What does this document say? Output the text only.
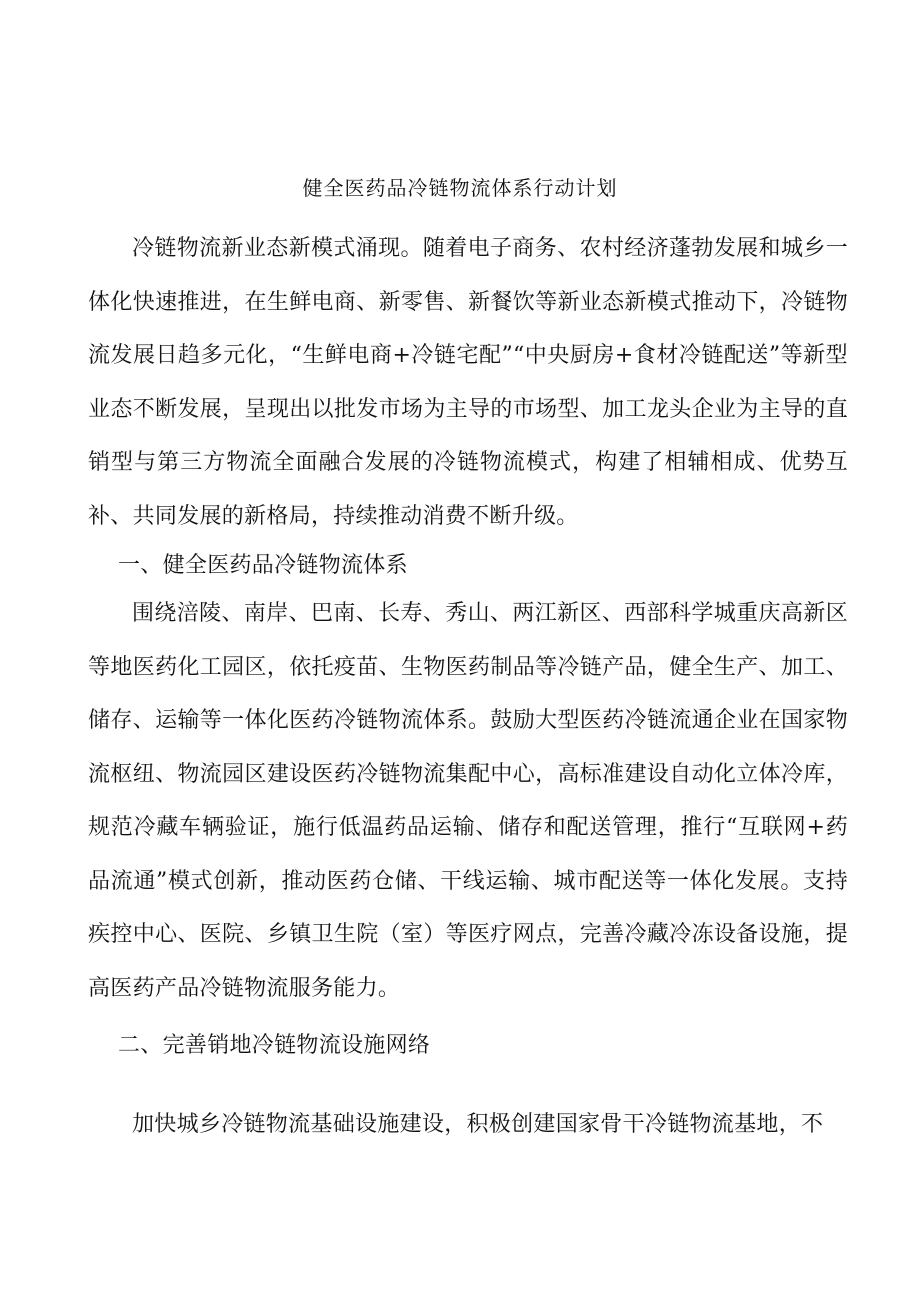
健全医药品冷链物流体系行动计划

冷链物流新业态新模式涌现。随着电子商务、农村经济蓬勃发展和城乡一体化快速推进，在生鲜电商、新零售、新餐饮等新业态新模式推动下，冷链物流发展日趋多元化，“生鲜电商+冷链宅配”“中央厨房+食材冷链配送”等新型业态不断发展，呈现出以批发市场为主导的市场型、加工龙头企业为主导的直销型与第三方物流全面融合发展的冷链物流模式，构建了相辅相成、优势互补、共同发展的新格局，持续推动消费不断升级。

一、健全医药品冷链物流体系

围绕涪陵、南岸、巴南、长寿、秀山、两江新区、西部科学城重庆高新区等地医药化工园区，依托疫苗、生物医药制品等冷链产品，健全生产、加工、储存、运输等一体化医药冷链物流体系。鼓励大型医药冷链流通企业在国家物流枢纽、物流园区建设医药冷链物流集配中心，高标准建设自动化立体冷库，规范冷藏车辆验证，施行低温药品运输、储存和配送管理，推行“互联网+药品流通”模式创新，推动医药仓储、干线运输、城市配送等一体化发展。支持疾控中心、医院、乡镇卫生院（室）等医疗网点，完善冷藏冷冻设备设施，提高医药产品冷链物流服务能力。

二、完善销地冷链物流设施网络

加快城乡冷链物流基础设施建设，积极创建国家骨干冷链物流基地，不
